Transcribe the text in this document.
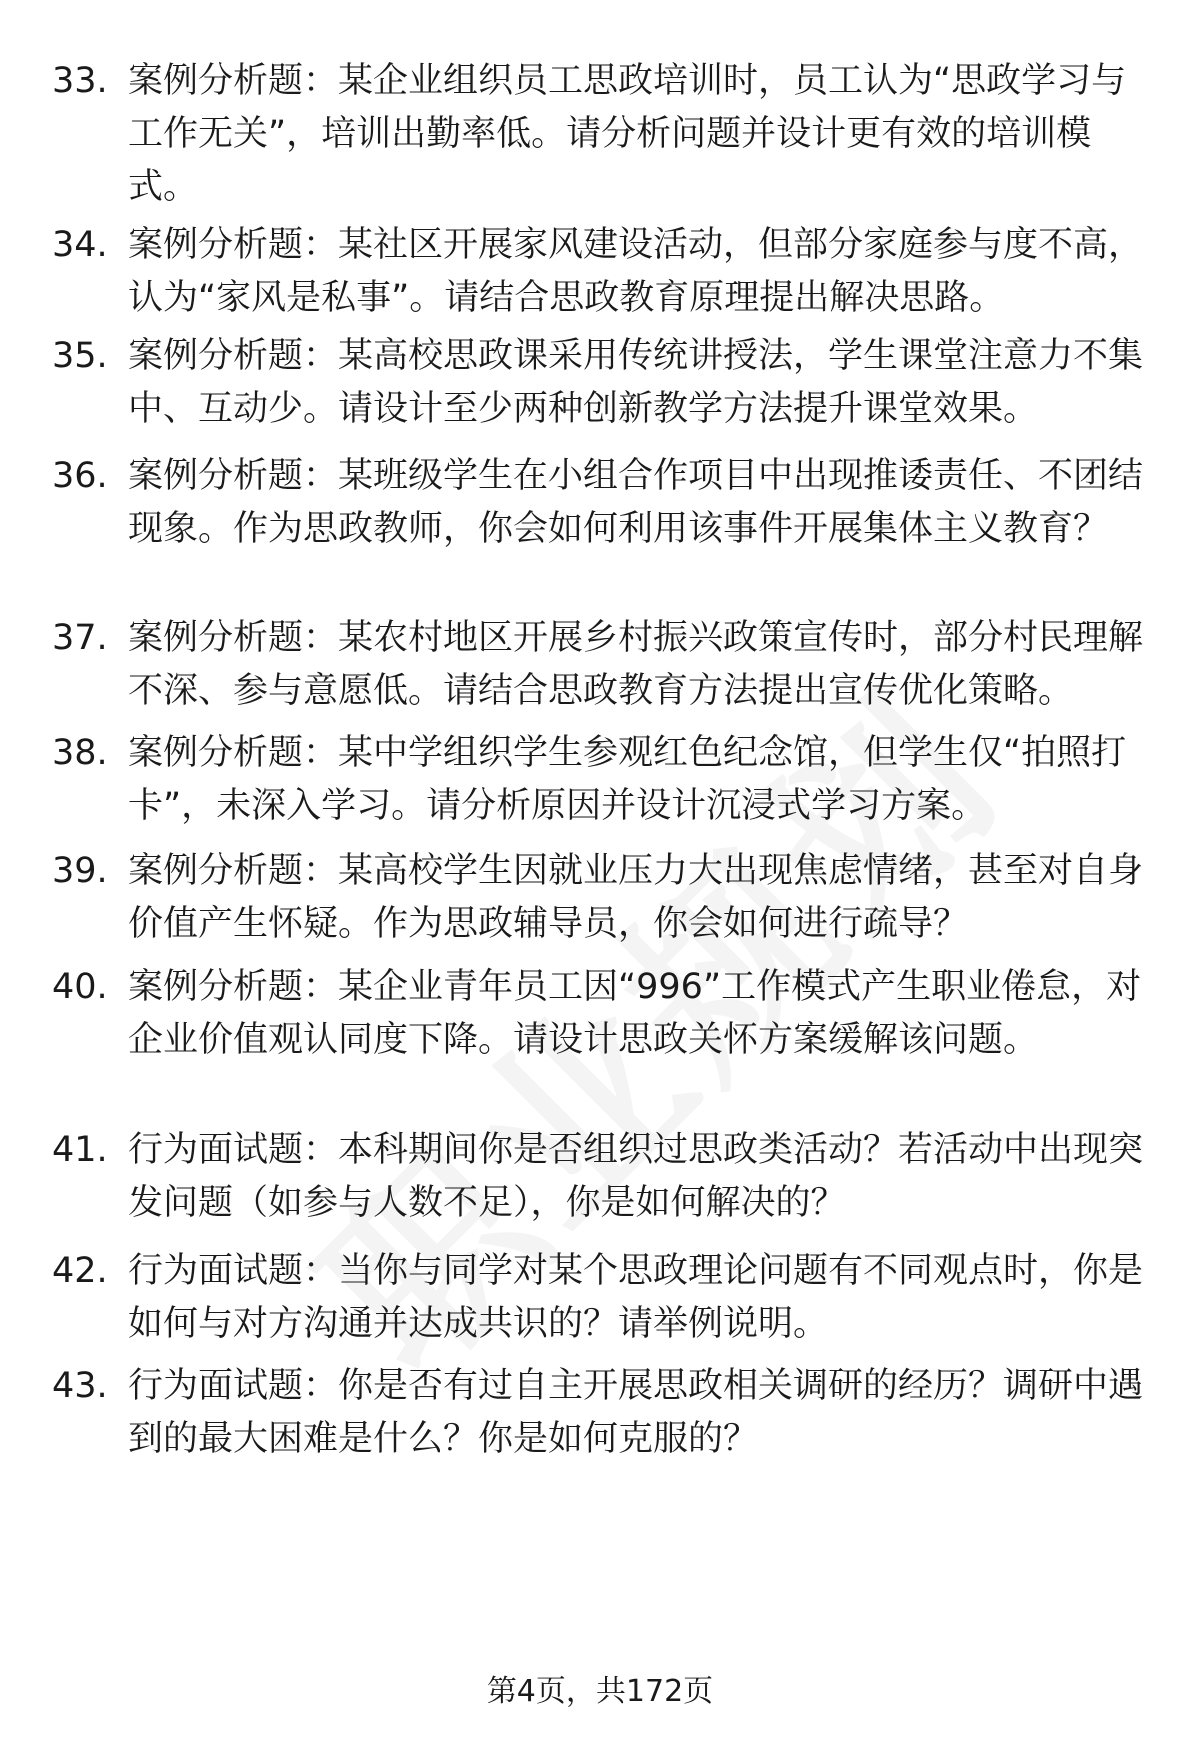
33. 案例分析题：某企业组织员工思政培训时，员工认为“思政学习与工作无关”，培训出勤率低。请分析问题并设计更有效的培训模式。
34. 案例分析题：某社区开展家风建设活动，但部分家庭参与度不高，认为“家风是私事”。请结合思政教育原理提出解决思路。
35. 案例分析题：某高校思政课采用传统讲授法，学生课堂注意力不集中、互动少。请设计至少两种创新教学方法提升课堂效果。
36. 案例分析题：某班级学生在小组合作项目中出现推诿责任、不团结现象。作为思政教师，你会如何利用该事件开展集体主义教育？
37. 案例分析题：某农村地区开展乡村振兴政策宣传时，部分村民理解不深、参与意愿低。请结合思政教育方法提出宣传优化策略。
38. 案例分析题：某中学组织学生参观红色纪念馆，但学生仅“拍照打卡”，未深入学习。请分析原因并设计沉浸式学习方案。
39. 案例分析题：某高校学生因就业压力大出现焦虑情绪，甚至对自身价值产生怀疑。作为思政辅导员，你会如何进行疏导？
40. 案例分析题：某企业青年员工因“996”工作模式产生职业倦怠，对企业价值观认同度下降。请设计思政关怀方案缓解该问题。
41. 行为面试题：本科期间你是否组织过思政类活动？若活动中出现突发问题（如参与人数不足），你是如何解决的？
42. 行为面试题：当你与同学对某个思政理论问题有不同观点时，你是如何与对方沟通并达成共识的？请举例说明。
43. 行为面试题：你是否有过自主开展思政相关调研的经历？调研中遇到的最大困难是什么？你是如何克服的？
第4页，共172页
